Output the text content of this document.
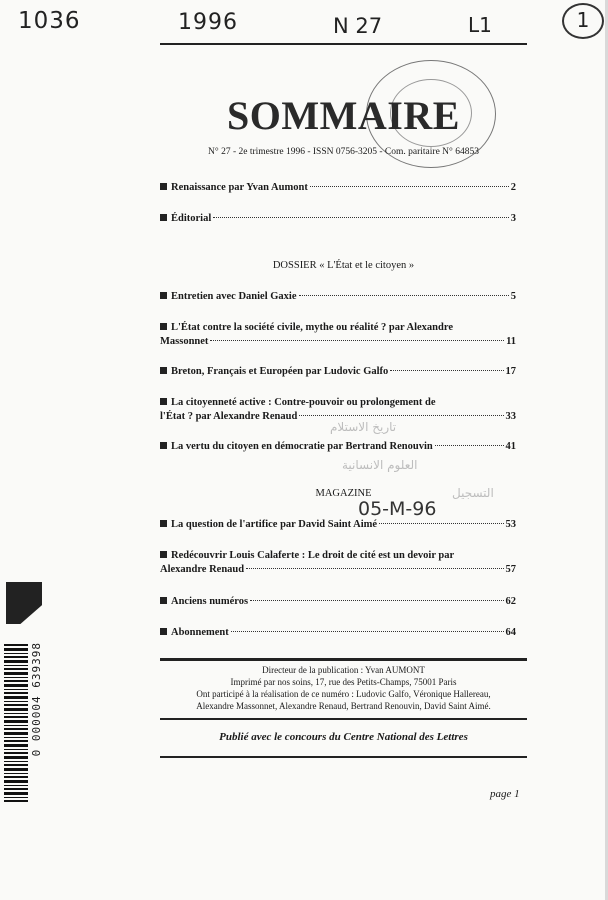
1036	1996	N 27	L1	1
SOMMAIRE
N° 27 - 2e trimestre 1996 - ISSN 0756-3205 - Com. paritaire N° 64853
Renaissance par Yvan Aumont	2
Éditorial	3
DOSSIER « L'État et le citoyen »
Entretien avec Daniel Gaxie	5
L'État contre la société civile, mythe ou réalité ? par Alexandre
Massonnet	11
Breton, Français et Européen par Ludovic Galfo	17
La citoyenneté active : Contre-pouvoir ou prolongement de
l'État ? par Alexandre Renaud	33
La vertu du citoyen en démocratie par Bertrand Renouvin	41
تاريخ الاستلام
العلوم الانسانية
التسجيل
MAGAZINE
05-M-96
La question de l'artifice par David Saint Aimé	53
Redécouvrir Louis Calaferte : Le droit de cité est un devoir par
Alexandre Renaud	57
Anciens numéros	62
Abonnement	64
0 000004 639398	Directeur de la publication : Yvan AUMONT
Imprimé par nos soins, 17, rue des Petits-Champs, 75001 Paris
Ont participé à la réalisation de ce numéro : Ludovic Galfo, Véronique Hallereau,
Alexandre Massonnet, Alexandre Renaud, Bertrand Renouvin, David Saint Aimé.
Publié avec le concours du Centre National des Lettres
page 1
